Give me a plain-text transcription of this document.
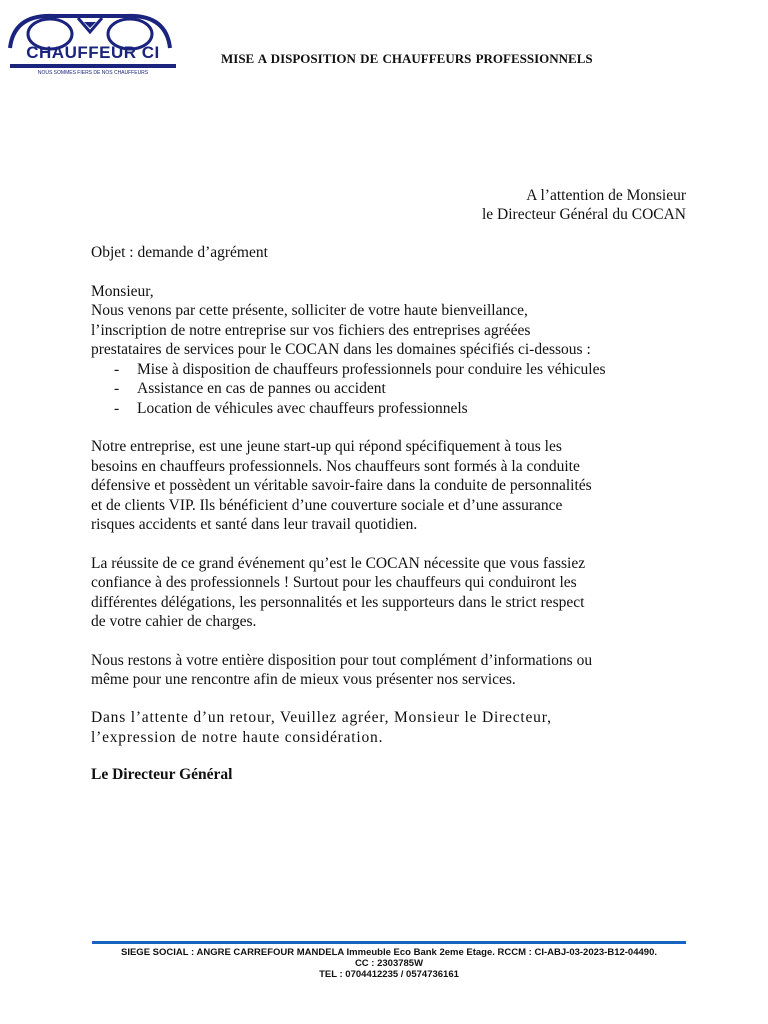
CHAUFFEUR CI
NOUS SOMMES FIERS DE NOS CHAUFFEURS
MISE A DISPOSITION DE CHAUFFEURS PROFESSIONNELS
A l’attention de Monsieur
le Directeur Général du COCAN

Objet : demande d’agrément

Monsieur,
Nous venons par cette présente, solliciter de votre haute bienveillance,
l’inscription de notre entreprise sur vos fichiers des entreprises agréées
prestataires de services pour le COCAN dans les domaines spécifiés ci-dessous :
- Mise à disposition de chauffeurs professionnels pour conduire les véhicules
- Assistance en cas de pannes ou accident
- Location de véhicules avec chauffeurs professionnels
Notre entreprise, est une jeune start-up qui répond spécifiquement à tous les
besoins en chauffeurs professionnels. Nos chauffeurs sont formés à la conduite
défensive et possèdent un véritable savoir-faire dans la conduite de personnalités
et de clients VIP. Ils bénéficient d’une couverture sociale et d’une assurance
risques accidents et santé dans leur travail quotidien.
La réussite de ce grand événement qu’est le COCAN nécessite que vous fassiez
confiance à des professionnels ! Surtout pour les chauffeurs qui conduiront les
différentes délégations, les personnalités et les supporteurs dans le strict respect
de votre cahier de charges.
Nous restons à votre entière disposition pour tout complément d’informations ou
même pour une rencontre afin de mieux vous présenter nos services.
Dans l’attente d’un retour, Veuillez agréer, Monsieur le Directeur,
l’expression de notre haute considération.

Le Directeur Général

SIEGE SOCIAL : ANGRE CARREFOUR MANDELA Immeuble Eco Bank 2eme Etage. RCCM : CI-ABJ-03-2023-B12-04490.
CC : 2303785W
TEL : 0704412235 / 0574736161
